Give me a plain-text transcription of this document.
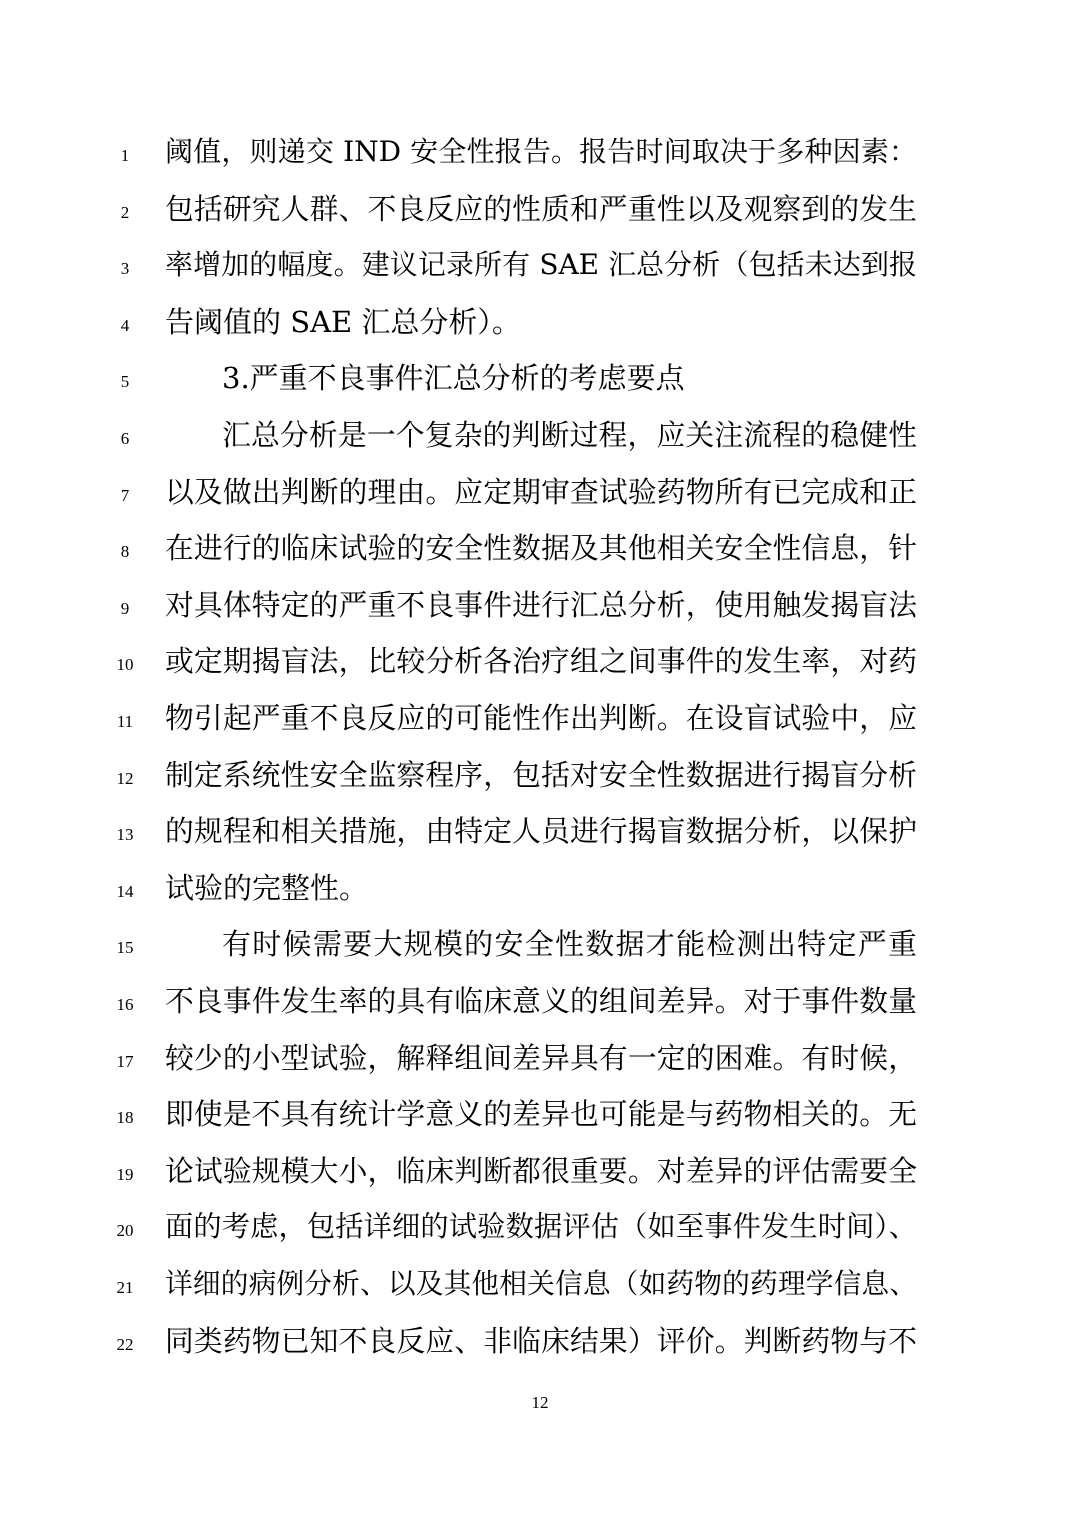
1	阈值，则递交 IND 安全性报告。报告时间取决于多种因素：
2	包括研究人群、不良反应的性质和严重性以及观察到的发生
3	率增加的幅度。建议记录所有 SAE 汇总分析（包括未达到报
4	告阈值的 SAE 汇总分析）。
5	3.严重不良事件汇总分析的考虑要点
6	汇总分析是一个复杂的判断过程，应关注流程的稳健性
7	以及做出判断的理由。应定期审查试验药物所有已完成和正
8	在进行的临床试验的安全性数据及其他相关安全性信息，针
9	对具体特定的严重不良事件进行汇总分析，使用触发揭盲法
10	或定期揭盲法，比较分析各治疗组之间事件的发生率，对药
11	物引起严重不良反应的可能性作出判断。在设盲试验中，应
12	制定系统性安全监察程序，包括对安全性数据进行揭盲分析
13	的规程和相关措施，由特定人员进行揭盲数据分析，以保护
14	试验的完整性。
15	有时候需要大规模的安全性数据才能检测出特定严重
16	不良事件发生率的具有临床意义的组间差异。对于事件数量
17	较少的小型试验，解释组间差异具有一定的困难。有时候，
18	即使是不具有统计学意义的差异也可能是与药物相关的。无
19	论试验规模大小，临床判断都很重要。对差异的评估需要全
20	面的考虑，包括详细的试验数据评估（如至事件发生时间）、
21	详细的病例分析、以及其他相关信息（如药物的药理学信息、
22	同类药物已知不良反应、非临床结果）评价。判断药物与不
12
